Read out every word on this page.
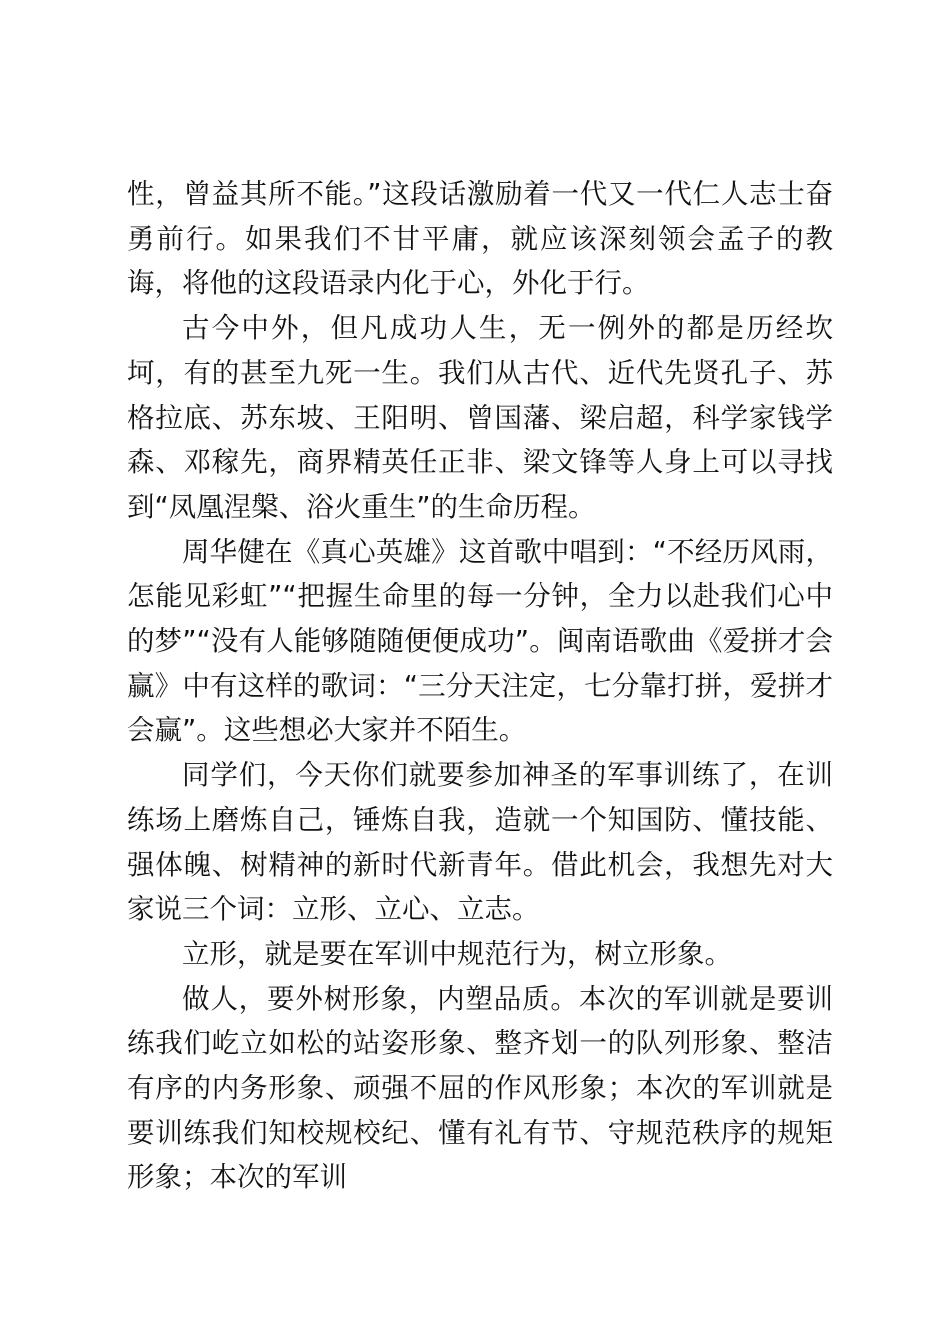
性，曾益其所不能。”这段话激励着一代又一代仁人志士奋勇前行。如果我们不甘平庸，就应该深刻领会孟子的教诲，将他的这段语录内化于心，外化于行。

古今中外，但凡成功人生，无一例外的都是历经坎坷，有的甚至九死一生。我们从古代、近代先贤孔子、苏格拉底、苏东坡、王阳明、曾国藩、梁启超，科学家钱学森、邓稼先，商界精英任正非、梁文锋等人身上可以寻找到“凤凰涅槃、浴火重生”的生命历程。

周华健在《真心英雄》这首歌中唱到：“不经历风雨，怎能见彩虹”“把握生命里的每一分钟，全力以赴我们心中的梦”“没有人能够随随便便成功”。闽南语歌曲《爱拼才会赢》中有这样的歌词：“三分天注定，七分靠打拼，爱拼才会赢”。这些想必大家并不陌生。

同学们，今天你们就要参加神圣的军事训练了，在训练场上磨炼自己，锤炼自我，造就一个知国防、懂技能、强体魄、树精神的新时代新青年。借此机会，我想先对大家说三个词：立形、立心、立志。

立形，就是要在军训中规范行为，树立形象。

做人，要外树形象，内塑品质。本次的军训就是要训练我们屹立如松的站姿形象、整齐划一的队列形象、整洁有序的内务形象、顽强不屈的作风形象；本次的军训就是要训练我们知校规校纪、懂有礼有节、守规范秩序的规矩形象；本次的军训
